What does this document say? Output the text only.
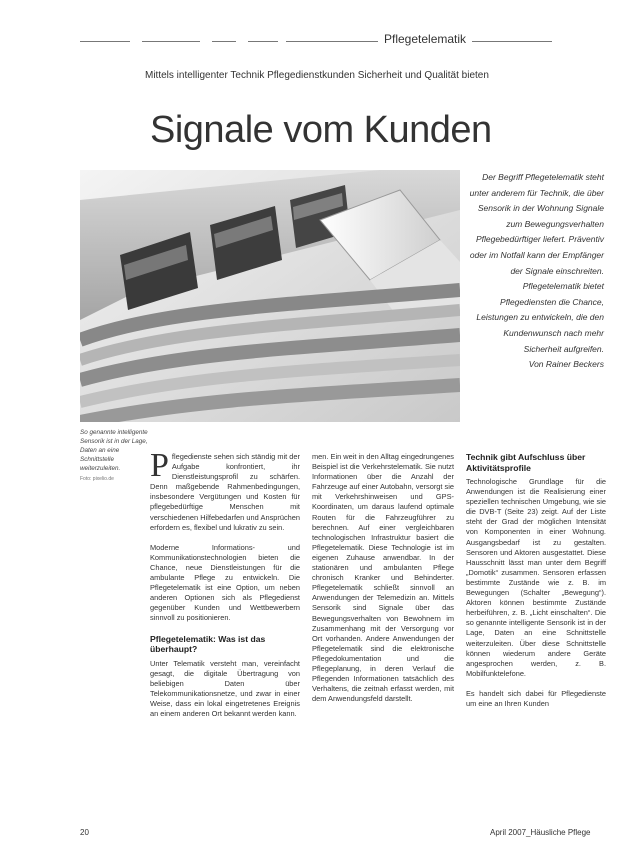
Pflegetelematik
Mittels intelligenter Technik Pflegedienstkunden Sicherheit und Qualität bieten
Signale vom Kunden
Der Begriff Pflegetelematik steht unter anderem für Technik, die über Sensorik in der Wohnung Signale zum Bewegungsverhalten Pflegebedürftiger liefert. Präventiv oder im Notfall kann der Empfänger der Signale einschreiten. Pflegetelematik bietet Pflegediensten die Chance, Leistungen zu entwickeln, die den Kundenwunsch nach mehr Sicherheit aufgreifen.
Von Rainer Beckers
So genannte intelligente Sensorik ist in der Lage, Daten an eine Schnittstelle weiterzuleiten.
Foto: pixelio.de	Pflegedienste sehen sich ständig mit der Aufgabe konfrontiert, ihr Dienstleistungsprofil zu schärfen. Denn maßgebende Rahmenbedingungen, insbesondere Vergütungen und Kosten für pflegebedürftige Menschen mit verschiedenen Hilfebedarfen und Ansprüchen erfordern es, flexibel und lukrativ zu sein.

Moderne Informations- und Kommunikationstechnologien bieten die Chance, neue Dienstleistungen für die ambulante Pflege zu entwickeln. Die Pflegetelematik ist eine Option, um neben anderen Optionen sich als Pflegedienst gegenüber Kunden und Wettbewerbern sinnvoll zu positionieren.

Pflegetelematik: Was ist das überhaupt?

Unter Telematik versteht man, vereinfacht gesagt, die digitale Übertragung von beliebigen Daten über Telekommunikationsnetze, und zwar in einer Weise, dass ein lokal eingetretenes Ereignis an einem anderen Ort bekannt werden kann.

men. Ein weit in den Alltag eingedrungenes Beispiel ist die Verkehrstelematik. Sie nutzt Informationen über die Anzahl der Fahrzeuge auf einer Autobahn, versorgt sie mit Verkehrshinweisen und GPS-Koordinaten, um daraus laufend optimale Routen für die Fahrzeugführer zu berechnen. Auf einer vergleichbaren technologischen Infrastruktur basiert die Pflegetelematik. Diese Technologie ist im eigenen Zuhause anwendbar. In der stationären und ambulanten Pflege chronisch Kranker und Behinderter. Pflegetelematik schließt sinnvoll an Anwendungen der Telemedizin an. Mittels Sensorik sind Signale über das Bewegungsverhalten von Bewohnern im Zusammenhang mit der Versorgung vor Ort vorhanden. Andere Anwendungen der Pflegetelematik sind die elektronische Pflegedokumentation und die Pflegeplanung, in deren Verlauf die Pflegenden Informationen tatsächlich des Verhaltens, die zeitnah erfasst werden, mit dem Anwendungsfeld darstellt.

Technik gibt Aufschluss über Aktivitätsprofile

Technologische Grundlage für die Anwendungen ist die Realisierung einer speziellen technischen Umgebung, wie sie die DVB-T (Seite 23) zeigt. Auf der Liste steht der Grad der möglichen Intensität von Komponenten in einer Wohnung. Ausgangsbedarf ist zu gestalten. Sensoren und Aktoren ausgestattet. Diese Hausschnitt lässt man unter dem Begriff „Domotik“ zusammen. Sensoren erfassen bestimmte Zustände wie z. B. im Bewegungen (Schalter „Bewegung“). Aktoren können bestimmte Zustände herbeiführen, z. B. „Licht einschalten“. Die so genannte intelligente Sensorik ist in der Lage, Daten an eine Schnittstelle weiterzuleiten. Über diese Schnittstelle können wiederum andere Geräte angesprochen werden, z. B. Mobilfunktelefone.

Es handelt sich dabei für Pflegedienste um eine an Ihren Kunden

20	April 2007_Häusliche Pflege
